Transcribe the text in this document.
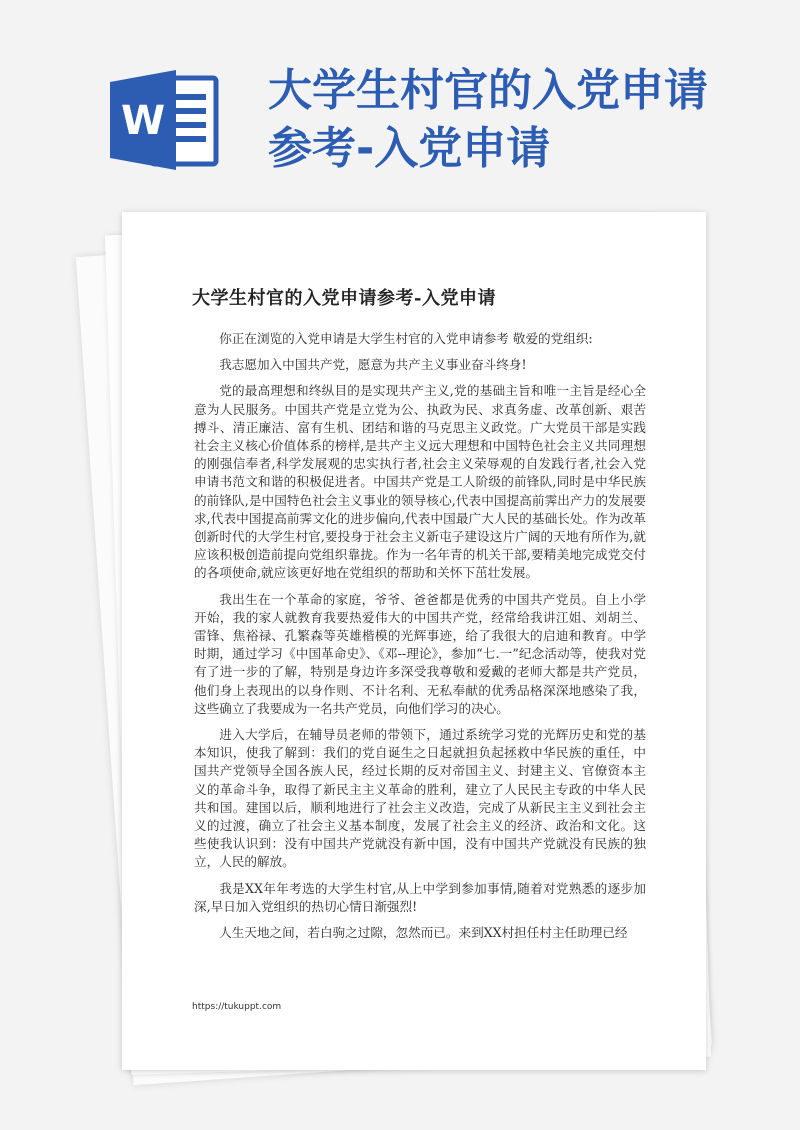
W
大学生村官的入党申请
参考-入党申请
大学生村官的入党申请参考-入党申请

你正在浏览的入党申请是大学生村官的入党申请参考 敬爱的党组织:

我志愿加入中国共产党，愿意为共产主义事业奋斗终身!

党的最高理想和终纵目的是实现共产主义,党的基础主旨和唯一主旨是经心全意为人民服务。中国共产党是立党为公、执政为民、求真务虚、改革创新、艰苦搏斗、清正廉洁、富有生机、团结和谐的马克思主义政党。广大党员干部是实践社会主义核心价值体系的榜样,是共产主义远大理想和中国特色社会主义共同理想的刚强信奉者,科学发展观的忠实执行者,社会主义荣辱观的自发践行者,社会入党申请书范文和谐的积极促进者。中国共产党是工人阶级的前锋队,同时是中华民族的前锋队,是中国特色社会主义事业的领导核心,代表中国提高前霁出产力的发展要求,代表中国提高前霁文化的进步偏向,代表中国最广大人民的基础长处。作为改革创新时代的大学生村官,要投身于社会主义新屯子建设这片广阔的天地有所作为,就应该积极创造前提向党组织靠拢。作为一名年青的机关干部,要精美地完成党交付的各项使命,就应该更好地在党组织的帮助和关怀下茁壮发展。

我出生在一个革命的家庭，爷爷、爸爸都是优秀的中国共产党员。自上小学开始，我的家人就教育我要热爱伟大的中国共产党，经常给我讲江姐、刘胡兰、雷锋、焦裕禄、孔繁森等英雄楷模的光辉事迹，给了我很大的启迪和教育。中学时期，通过学习《中国革命史》、《邓--理论》，参加“七.一”纪念活动等，使我对党有了进一步的了解，特别是身边许多深受我尊敬和爱戴的老师大都是共产党员，他们身上表现出的以身作则、不计名利、无私奉献的优秀品格深深地感染了我，这些确立了我要成为一名共产党员，向他们学习的决心。

进入大学后，在辅导员老师的带领下，通过系统学习党的光辉历史和党的基本知识，使我了解到：我们的党自诞生之日起就担负起拯救中华民族的重任，中国共产党领导全国各族人民，经过长期的反对帝国主义、封建主义、官僚资本主义的革命斗争，取得了新民主主义革命的胜利，建立了人民民主专政的中华人民共和国。建国以后，顺利地进行了社会主义改造，完成了从新民主主义到社会主义的过渡，确立了社会主义基本制度，发展了社会主义的经济、政治和文化。这些使我认识到：没有中国共产党就没有新中国，没有中国共产党就没有民族的独立，人民的解放。

我是XX年年考选的大学生村官,从上中学到参加事情,随着对党熟悉的逐步加深,早日加入党组织的热切心情日渐强烈!

人生天地之间，若白驹之过隙，忽然而已。来到XX村担任村主任助理已经

https://tukuppt.com
